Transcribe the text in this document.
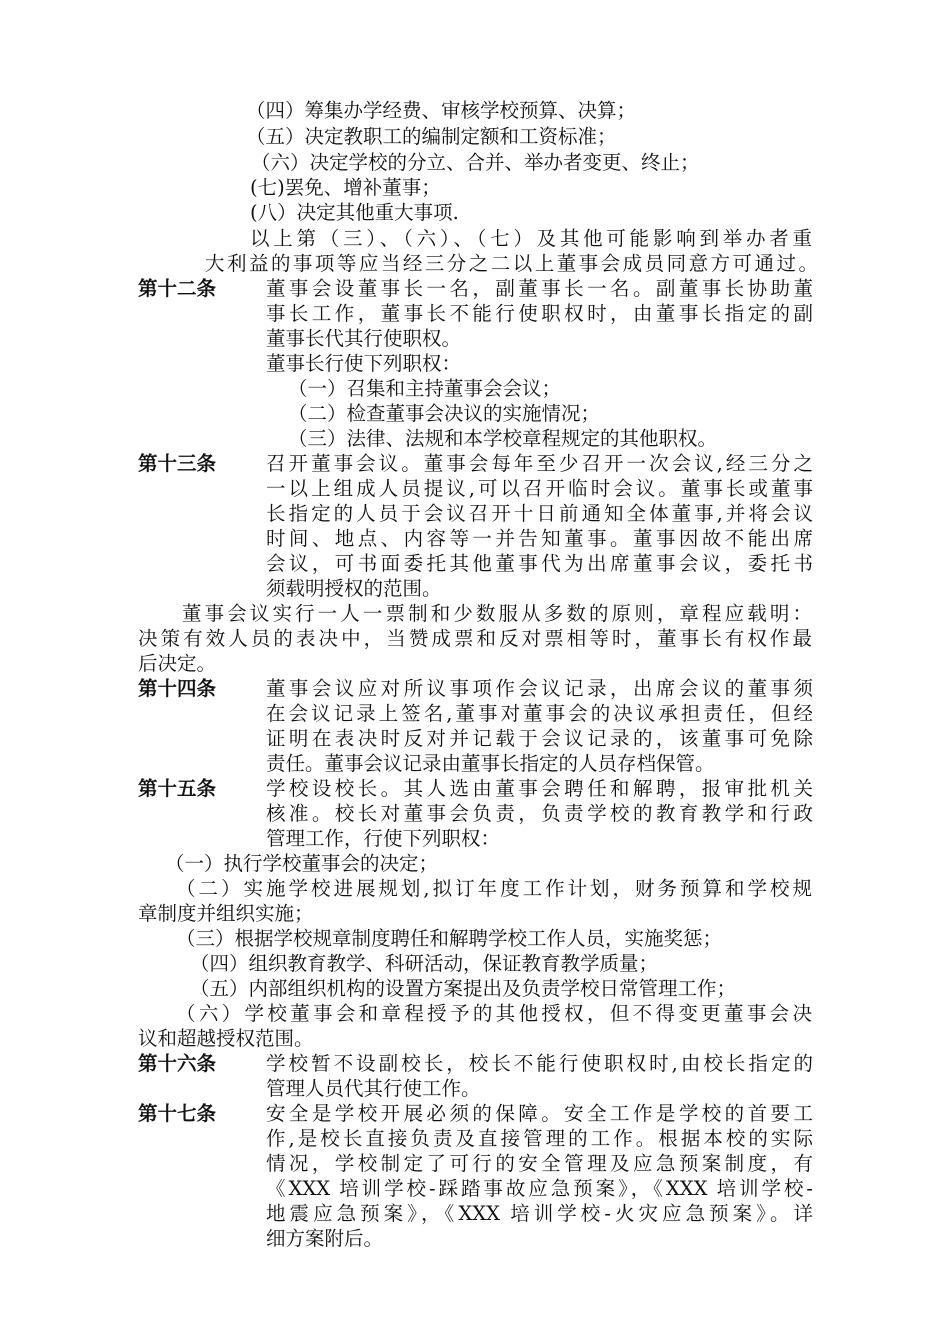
（四）筹集办学经费、审核学校预算、决算；
（五）决定教职工的编制定额和工资标准；
（六）决定学校的分立、合并、举办者变更、终止；
(七)罢免、增补董事；
(八）决定其他重大事项.
以上第（三）、（六）、（七）及其他可能影响到举办者重
大利益的事项等应当经三分之二以上董事会成员同意方可通过。
第十二条	董事会设董事长一名，副董事长一名。副董事长协助董
事长工作，董事长不能行使职权时，由董事长指定的副
董事长代其行使职权。
董事长行使下列职权：
（一）召集和主持董事会会议；
（二）检查董事会决议的实施情况；
（三）法律、法规和本学校章程规定的其他职权。
第十三条	召开董事会议。董事会每年至少召开一次会议,经三分之
一以上组成人员提议,可以召开临时会议。董事长或董事
长指定的人员于会议召开十日前通知全体董事,并将会议
时间、地点、内容等一并告知董事。董事因故不能出席
会议，可书面委托其他董事代为出席董事会议，委托书
须载明授权的范围。
董事会议实行一人一票制和少数服从多数的原则，章程应载明：
决策有效人员的表决中，当赞成票和反对票相等时，董事长有权作最
后决定。
第十四条	董事会议应对所议事项作会议记录，出席会议的董事须
在会议记录上签名,董事对董事会的决议承担责任，但经
证明在表决时反对并记载于会议记录的，该董事可免除
责任。董事会议记录由董事长指定的人员存档保管。
第十五条	学校设校长。其人选由董事会聘任和解聘，报审批机关
核准。校长对董事会负责，负责学校的教育教学和行政
管理工作，行使下列职权：
（一）执行学校董事会的决定；
（二）实施学校进展规划,拟订年度工作计划，财务预算和学校规
章制度并组织实施；
（三）根据学校规章制度聘任和解聘学校工作人员，实施奖惩；
（四）组织教育教学、科研活动，保证教育教学质量；
（五）内部组织机构的设置方案提出及负责学校日常管理工作；
（六）学校董事会和章程授予的其他授权，但不得变更董事会决
议和超越授权范围。
第十六条	学校暂不设副校长，校长不能行使职权时,由校长指定的
管理人员代其行使工作。
第十七条	安全是学校开展必须的保障。安全工作是学校的首要工
作,是校长直接负责及直接管理的工作。根据本校的实际
情况，学校制定了可行的安全管理及应急预案制度，有
《XXX 培训学校-踩踏事故应急预案》，《XXX 培训学校-
地震应急预案》，《XXX 培训学校-火灾应急预案》。详
细方案附后。
